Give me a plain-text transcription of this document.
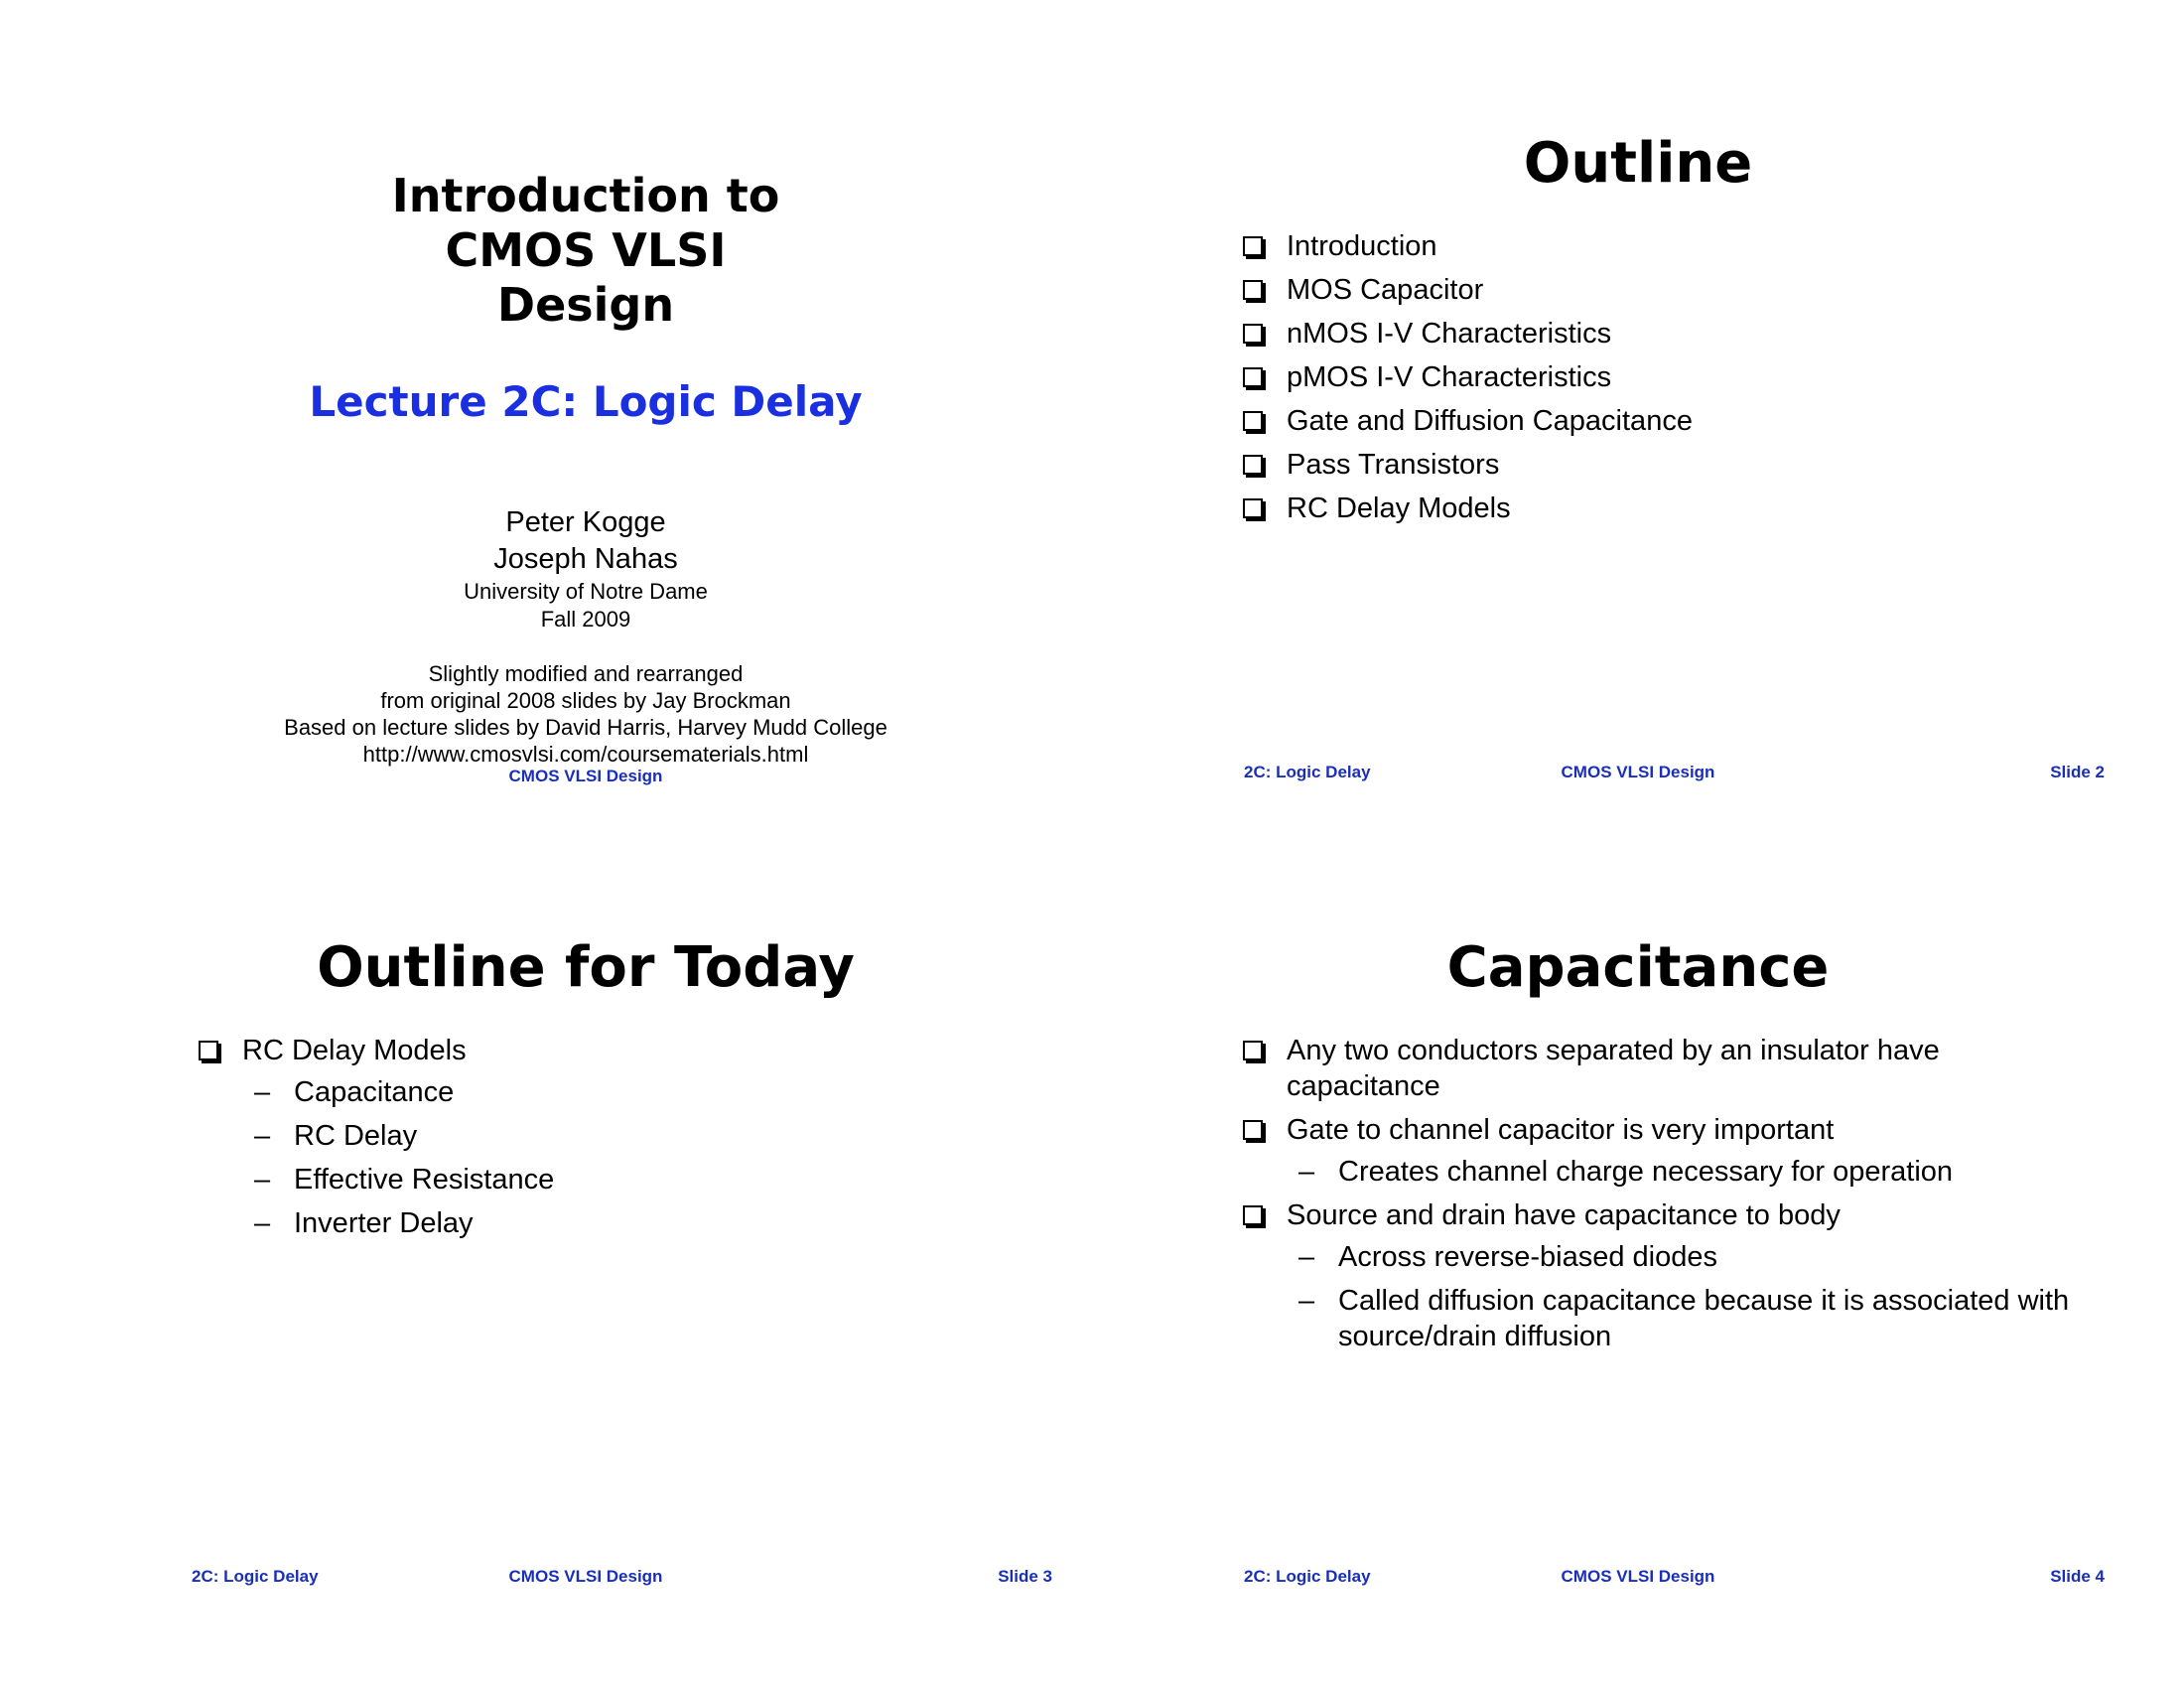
Introduction to
CMOS VLSI
Design
Lecture 2C: Logic Delay
Peter Kogge
Joseph Nahas
University of Notre Dame
Fall 2009
Slightly modified and rearranged
from original 2008 slides by Jay Brockman
Based on lecture slides by David Harris, Harvey Mudd College
http://www.cmosvlsi.com/coursematerials.html
CMOS VLSI Design
Outline
Introduction
MOS Capacitor
nMOS I-V Characteristics
pMOS I-V Characteristics
Gate and Diffusion Capacitance
Pass Transistors
RC Delay Models
2C: Logic Delay	CMOS VLSI Design	Slide 2
Outline for Today
RC Delay Models
– Capacitance
– RC Delay
– Effective Resistance
– Inverter Delay
2C: Logic Delay	CMOS VLSI Design	Slide 3
Capacitance
Any two conductors separated by an insulator have capacitance
Gate to channel capacitor is very important
– Creates channel charge necessary for operation
Source and drain have capacitance to body
– Across reverse-biased diodes
– Called diffusion capacitance because it is associated with source/drain diffusion
2C: Logic Delay	CMOS VLSI Design	Slide 4
